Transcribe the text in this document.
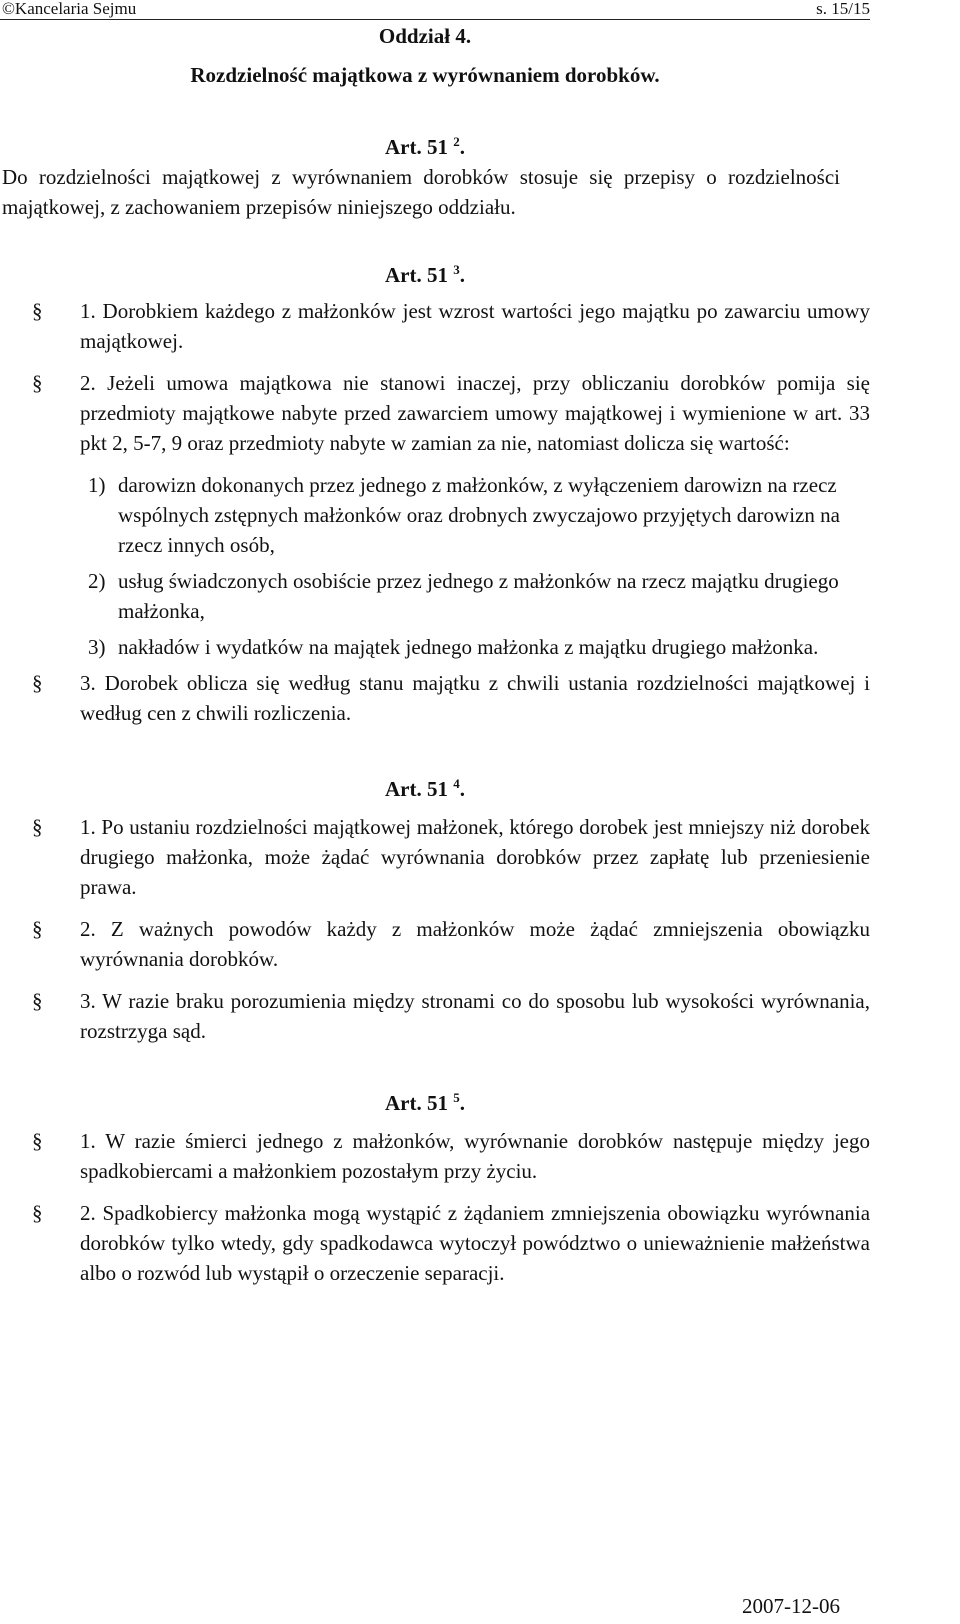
©Kancelaria Sejmu	s. 15/15
Oddział 4.
Rozdzielność majątkowa z wyrównaniem dorobków.
Art. 51 $^2$.
Do rozdzielności majątkowej z wyrównaniem dorobków stosuje się przepisy o rozdzielności majątkowej, z zachowaniem przepisów niniejszego oddziału.
Art. 51 $^3$.
§ 1. Dorobkiem każdego z małżonków jest wzrost wartości jego majątku po zawarciu umowy majątkowej.
§ 2. Jeżeli umowa majątkowa nie stanowi inaczej, przy obliczaniu dorobków pomija się przedmioty majątkowe nabyte przed zawarciem umowy majątkowej i wymienione w art. 33 pkt 2, 5-7, 9 oraz przedmioty nabyte w zamian za nie, natomiast dolicza się wartość:
1) darowizn dokonanych przez jednego z małżonków, z wyłączeniem darowizn na rzecz wspólnych zstępnych małżonków oraz drobnych zwyczajowo przyjętych darowizn na rzecz innych osób,
2) usług świadczonych osobiście przez jednego z małżonków na rzecz majątku drugiego małżonka,
3) nakładów i wydatków na majątek jednego małżonka z majątku drugiego małżonka.
§ 3. Dorobek oblicza się według stanu majątku z chwili ustania rozdzielności majątkowej i według cen z chwili rozliczenia.
Art. 51 $^4$.
§ 1. Po ustaniu rozdzielności majątkowej małżonek, którego dorobek jest mniejszy niż dorobek drugiego małżonka, może żądać wyrównania dorobków przez zapłatę lub przeniesienie prawa.
§ 2. Z ważnych powodów każdy z małżonków może żądać zmniejszenia obowiązku wyrównania dorobków.
§ 3. W razie braku porozumienia między stronami co do sposobu lub wysokości wyrównania, rozstrzyga sąd.
Art. 51 $^5$.
§ 1. W razie śmierci jednego z małżonków, wyrównanie dorobków następuje między jego spadkobiercami a małżonkiem pozostałym przy życiu.
§ 2. Spadkobiercy małżonka mogą wystąpić z żądaniem zmniejszenia obowiązku wyrównania dorobków tylko wtedy, gdy spadkodawca wytoczył powództwo o unieważnienie małżeństwa albo o rozwód lub wystąpił o orzeczenie separacji.
2007-12-06
